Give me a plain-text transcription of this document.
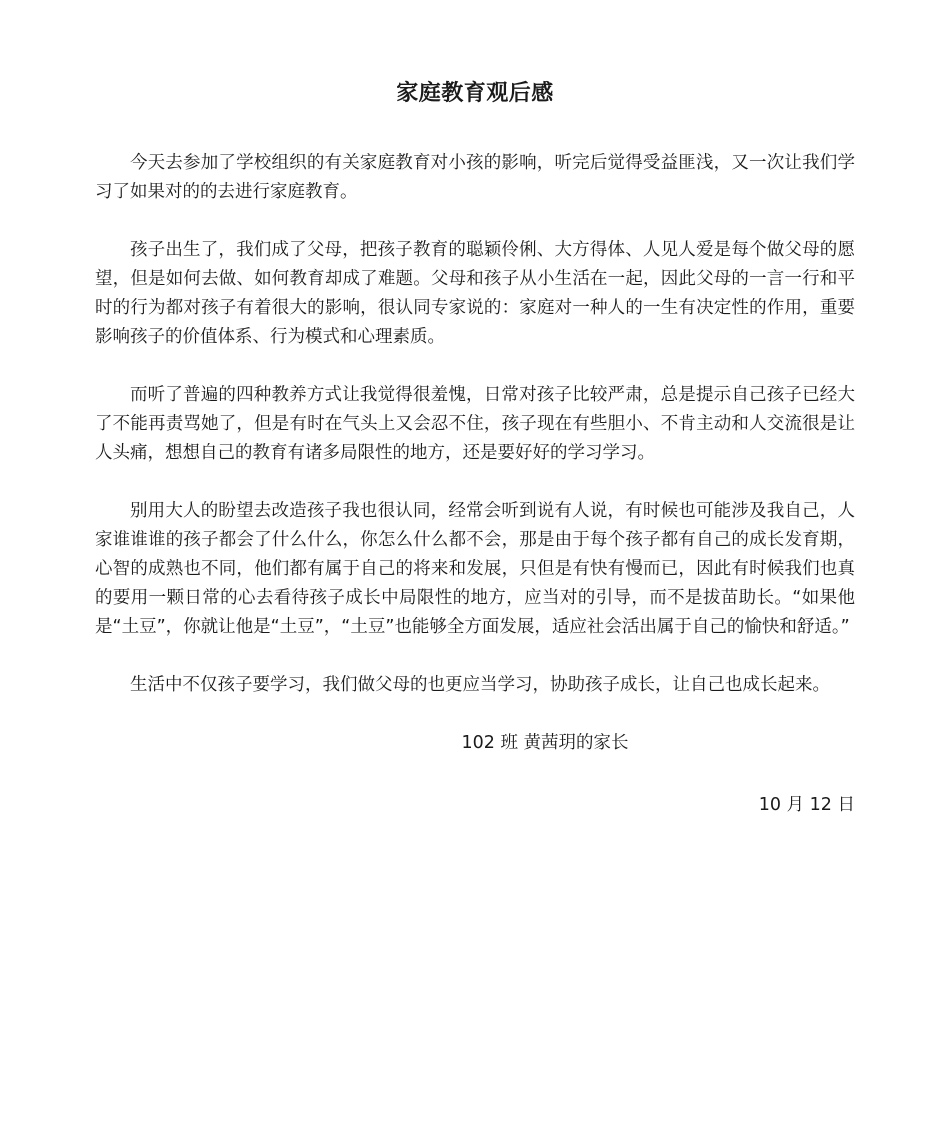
家庭教育观后感

今天去参加了学校组织的有关家庭教育对小孩的影响，听完后觉得受益匪浅，又一次让我们学习了如果对的的去进行家庭教育。

孩子出生了，我们成了父母，把孩子教育的聪颖伶俐、大方得体、人见人爱是每个做父母的愿望，但是如何去做、如何教育却成了难题。父母和孩子从小生活在一起，因此父母的一言一行和平时的行为都对孩子有着很大的影响，很认同专家说的：家庭对一种人的一生有决定性的作用，重要影响孩子的价值体系、行为模式和心理素质。

而听了普遍的四种教养方式让我觉得很羞愧，日常对孩子比较严肃，总是提示自己孩子已经大了不能再责骂她了，但是有时在气头上又会忍不住，孩子现在有些胆小、不肯主动和人交流很是让人头痛，想想自己的教育有诸多局限性的地方，还是要好好的学习学习。

别用大人的盼望去改造孩子我也很认同，经常会听到说有人说，有时候也可能涉及我自己，人家谁谁谁的孩子都会了什么什么，你怎么什么都不会，那是由于每个孩子都有自己的成长发育期，心智的成熟也不同，他们都有属于自己的将来和发展，只但是有快有慢而已，因此有时候我们也真的要用一颗日常的心去看待孩子成长中局限性的地方，应当对的引导，而不是拔苗助长。“如果他是“土豆”，你就让他是“土豆”，“土豆”也能够全方面发展，适应社会活出属于自己的愉快和舒适。”

生活中不仅孩子要学习，我们做父母的也更应当学习，协助孩子成长，让自己也成长起来。

102 班 黄茜玥的家长
10 月 12 日
